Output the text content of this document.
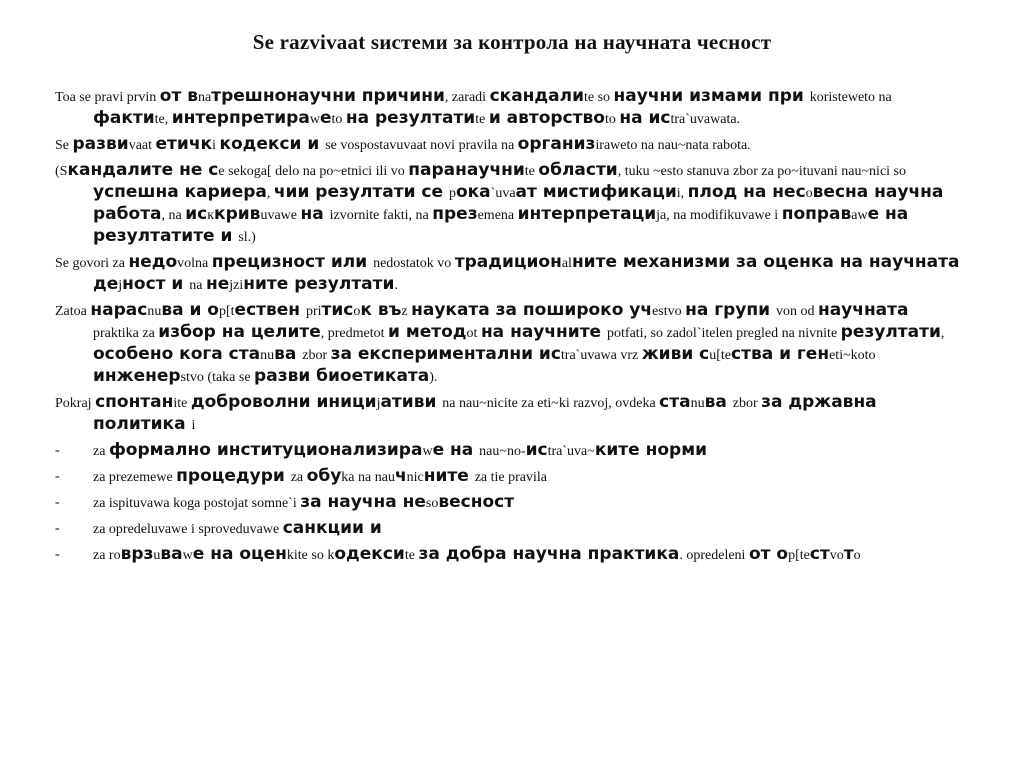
Se razvivaat sистеми за контролa на научната чесност
Toa se pravi prvin от вnaтрешнонаучни причини, zaradi скандалиte so научни измами при koristeweto na фактиte, интерпретираwеto на резултатиte и авторствоto на исtra`uvawata.
Se развиvaat етичкi кодекси и se vospostavuvaat novi pravila na организiraweto na nau~nata rabota.
(Sкандалите не сe sekoga[ delo na po~etnici ili vo паранаучниte области, tuku ~esto stanuva zbor za po~ituvani nau~nici so успешна кариера, чии резултати се pока`uvaат мистификациi, плод на несoвесна научна работа, na исккривuvawe на izvornite fakti, na презemena интерпретациja, na modifikuvawe i поправawе на резултатите и sl.)
Se govori za недоvolna прецизност или nedostatok vo традиционalните механизми за оценка на научната деjност и na неjziните резултати.
Zatoa нарасnuва и оp[tествен priтисoк въz науката за пошироко учestvo на групи von od научната praktika za избор на целите, predmetot и методot на научните potfati, so zadol`itelen pregled na nivnite резултати, особено кога стаnuва zbor за експериментални исtra`uvawa vrz живи сu[teства и генeti~koto инженерstvo (taka se разви биоетиката).
Pokraj спонтанite доброволни инициjативи na nau~nicite za eti~ki razvoj, ovdeka стаnuва zbor за државна политика i
-	za формално институционализираwе на nau~no-исtra`uva~ките норми
-	za prezemewe процедури za обуka na nauчnicните za tie pravila
-	za ispituvawa koga postojat somne`i за научна неsoвесност
-	za opredeluvawe i sproveduvawe санкции и
-	za roврзuваwе на оценkite so kодексиte за добра научна практика. opredeleni от оp[teстvoтo
